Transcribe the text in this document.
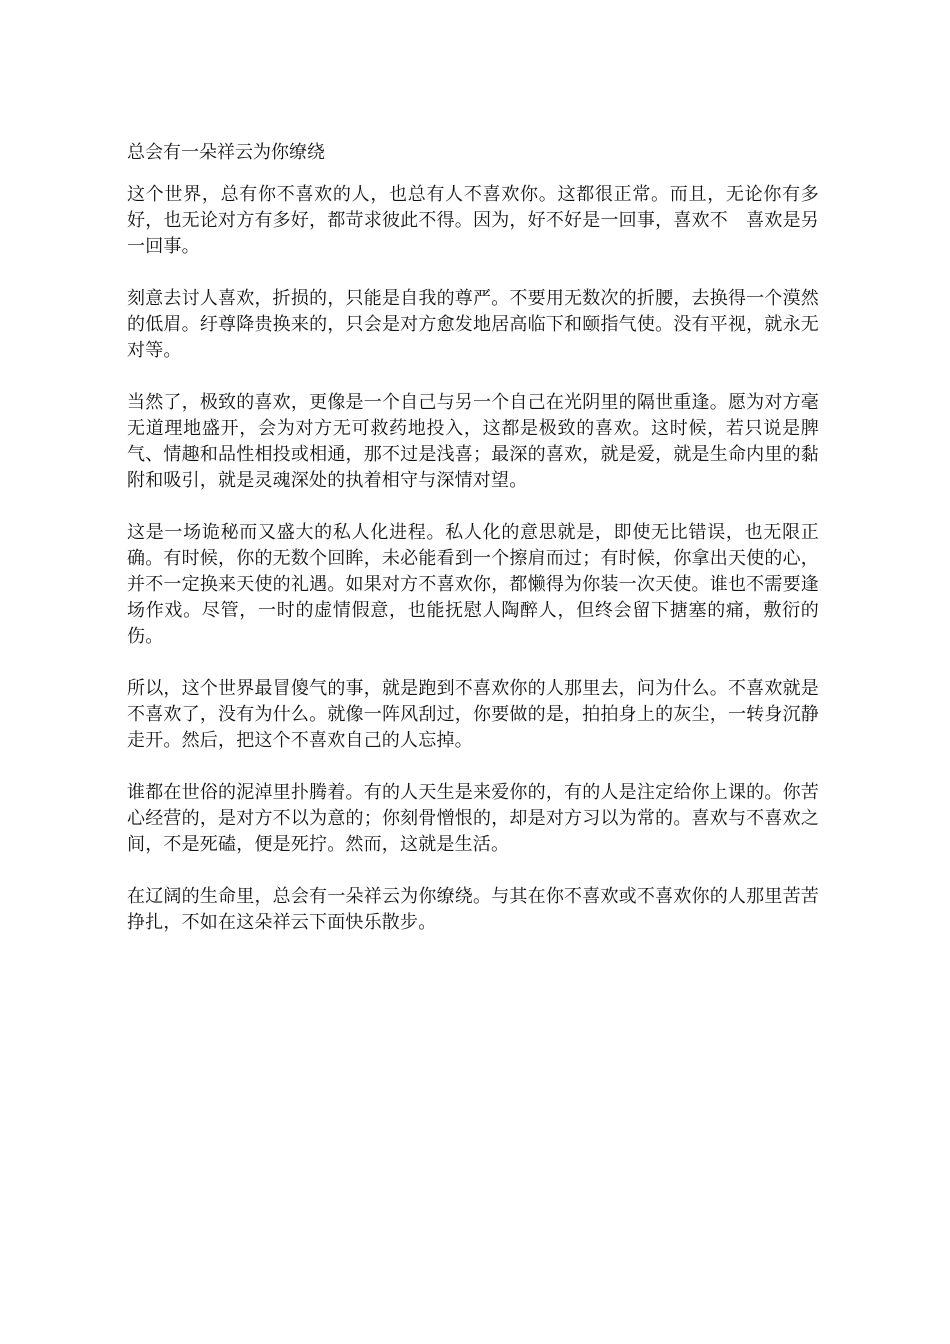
总会有一朵祥云为你缭绕

这个世界，总有你不喜欢的人，也总有人不喜欢你。这都很正常。而且，无论你有多好，也无论对方有多好，都苛求彼此不得。因为，好不好是一回事，喜欢不　喜欢是另一回事。

刻意去讨人喜欢，折损的，只能是自我的尊严。不要用无数次的折腰，去换得一个漠然的低眉。纡尊降贵换来的，只会是对方愈发地居高临下和颐指气使。没有平视，就永无对等。

当然了，极致的喜欢，更像是一个自己与另一个自己在光阴里的隔世重逢。愿为对方毫无道理地盛开，会为对方无可救药地投入，这都是极致的喜欢。这时候，若只说是脾气、情趣和品性相投或相通，那不过是浅喜；最深的喜欢，就是爱，就是生命内里的黏附和吸引，就是灵魂深处的执着相守与深情对望。

这是一场诡秘而又盛大的私人化进程。私人化的意思就是，即使无比错误，也无限正确。有时候，你的无数个回眸，未必能看到一个擦肩而过；有时候，你拿出天使的心，并不一定换来天使的礼遇。如果对方不喜欢你，都懒得为你装一次天使。谁也不需要逢场作戏。尽管，一时的虚情假意，也能抚慰人陶醉人，但终会留下搪塞的痛，敷衍的伤。

所以，这个世界最冒傻气的事，就是跑到不喜欢你的人那里去，问为什么。不喜欢就是不喜欢了，没有为什么。就像一阵风刮过，你要做的是，拍拍身上的灰尘，一转身沉静走开。然后，把这个不喜欢自己的人忘掉。

谁都在世俗的泥淖里扑腾着。有的人天生是来爱你的，有的人是注定给你上课的。你苦心经营的，是对方不以为意的；你刻骨憎恨的，却是对方习以为常的。喜欢与不喜欢之间，不是死磕，便是死拧。然而，这就是生活。

在辽阔的生命里，总会有一朵祥云为你缭绕。与其在你不喜欢或不喜欢你的人那里苦苦挣扎，不如在这朵祥云下面快乐散步。
